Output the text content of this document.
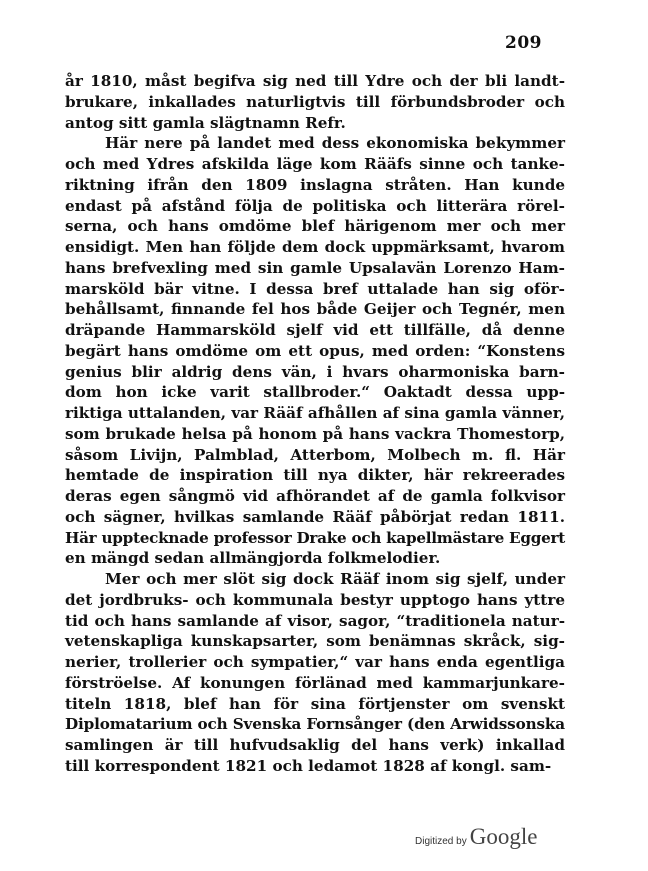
209
år 1810, måst begifva sig ned till Ydre och der bli landt-
brukare, inkallades naturligtvis till förbundsbroder och
antog sitt gamla slägtnamn Refr.
Här nere på landet med dess ekonomiska bekymmer
och med Ydres afskilda läge kom Rääfs sinne och tanke-
riktning ifrån den 1809 inslagna stråten. Han kunde
endast på afstånd följa de politiska och litterära rörel-
serna, och hans omdöme blef härigenom mer och mer
ensidigt. Men han följde dem dock uppmärksamt, hvarom
hans brefvexling med sin gamle Upsalavän Lorenzo Ham-
marsköld bär vitne. I dessa bref uttalade han sig oför-
behållsamt, finnande fel hos både Geijer och Tegnér, men
dräpande Hammarsköld sjelf vid ett tillfälle, då denne
begärt hans omdöme om ett opus, med orden: “Konstens
genius blir aldrig dens vän, i hvars oharmoniska barn-
dom hon icke varit stallbroder.“ Oaktadt dessa upp-
riktiga uttalanden, var Rääf afhållen af sina gamla vänner,
som brukade helsa på honom på hans vackra Thomestorp,
såsom Livijn, Palmblad, Atterbom, Molbech m. fl. Här
hemtade de inspiration till nya dikter, här rekreerades
deras egen sångmö vid afhörandet af de gamla folkvisor
och sägner, hvilkas samlande Rääf påbörjat redan 1811.
Här upptecknade professor Drake och kapellmästare Eggert
en mängd sedan allmängjorda folkmelodier.
Mer och mer slöt sig dock Rääf inom sig sjelf, under
det jordbruks- och kommunala bestyr upptogo hans yttre
tid och hans samlande af visor, sagor, “traditionela natur-
vetenskapliga kunskapsarter, som benämnas skråck, sig-
nerier, trollerier och sympatier,“ var hans enda egentliga
förströelse. Af konungen förlänad med kammarjunkare-
titeln 1818, blef han för sina förtjenster om svenskt
Diplomatarium och Svenska Fornsånger (den Arwidssonska
samlingen är till hufvudsaklig del hans verk) inkallad
till korrespondent 1821 och ledamot 1828 af kongl. sam-
Digitized by Google
